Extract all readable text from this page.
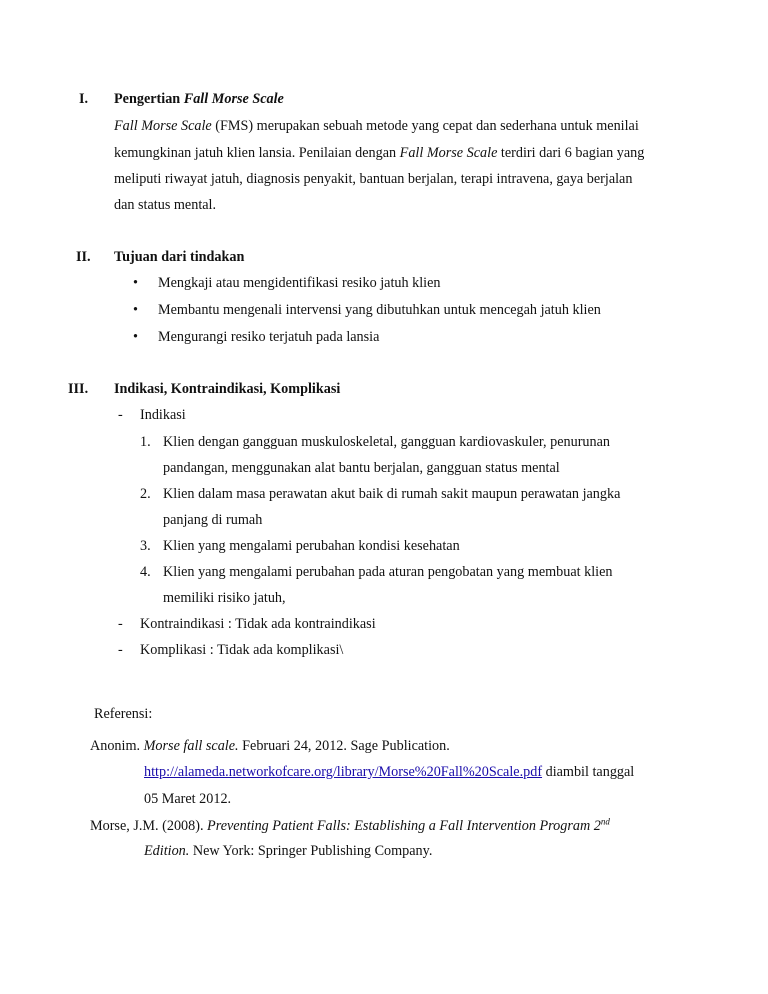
I. Pengertian Fall Morse Scale
Fall Morse Scale (FMS) merupakan sebuah metode yang cepat dan sederhana untuk menilai
kemungkinan jatuh klien lansia. Penilaian dengan Fall Morse Scale terdiri dari 6 bagian yang
meliputi riwayat jatuh, diagnosis penyakit, bantuan berjalan, terapi intravena, gaya berjalan
dan status mental.
II. Tujuan dari tindakan
• Mengkaji atau mengidentifikasi resiko jatuh klien
• Membantu mengenali intervensi yang dibutuhkan untuk mencegah jatuh klien
• Mengurangi resiko terjatuh pada lansia
III. Indikasi, Kontraindikasi, Komplikasi
- Indikasi
1. Klien dengan gangguan muskuloskeletal, gangguan kardiovaskuler, penurunan
pandangan, menggunakan alat bantu berjalan, gangguan status mental
2. Klien dalam masa perawatan akut baik di rumah sakit maupun perawatan jangka
panjang di rumah
3. Klien yang mengalami perubahan kondisi kesehatan
4. Klien yang mengalami perubahan pada aturan pengobatan yang membuat klien
memiliki risiko jatuh,
- Kontraindikasi : Tidak ada kontraindikasi
- Komplikasi : Tidak ada komplikasi\
Referensi:
Anonim. Morse fall scale. Februari 24, 2012. Sage Publication.
http://alameda.networkofcare.org/library/Morse%20Fall%20Scale.pdf diambil tanggal
05 Maret 2012.
Morse, J.M. (2008). Preventing Patient Falls: Establishing a Fall Intervention Program 2nd
Edition. New York: Springer Publishing Company.
